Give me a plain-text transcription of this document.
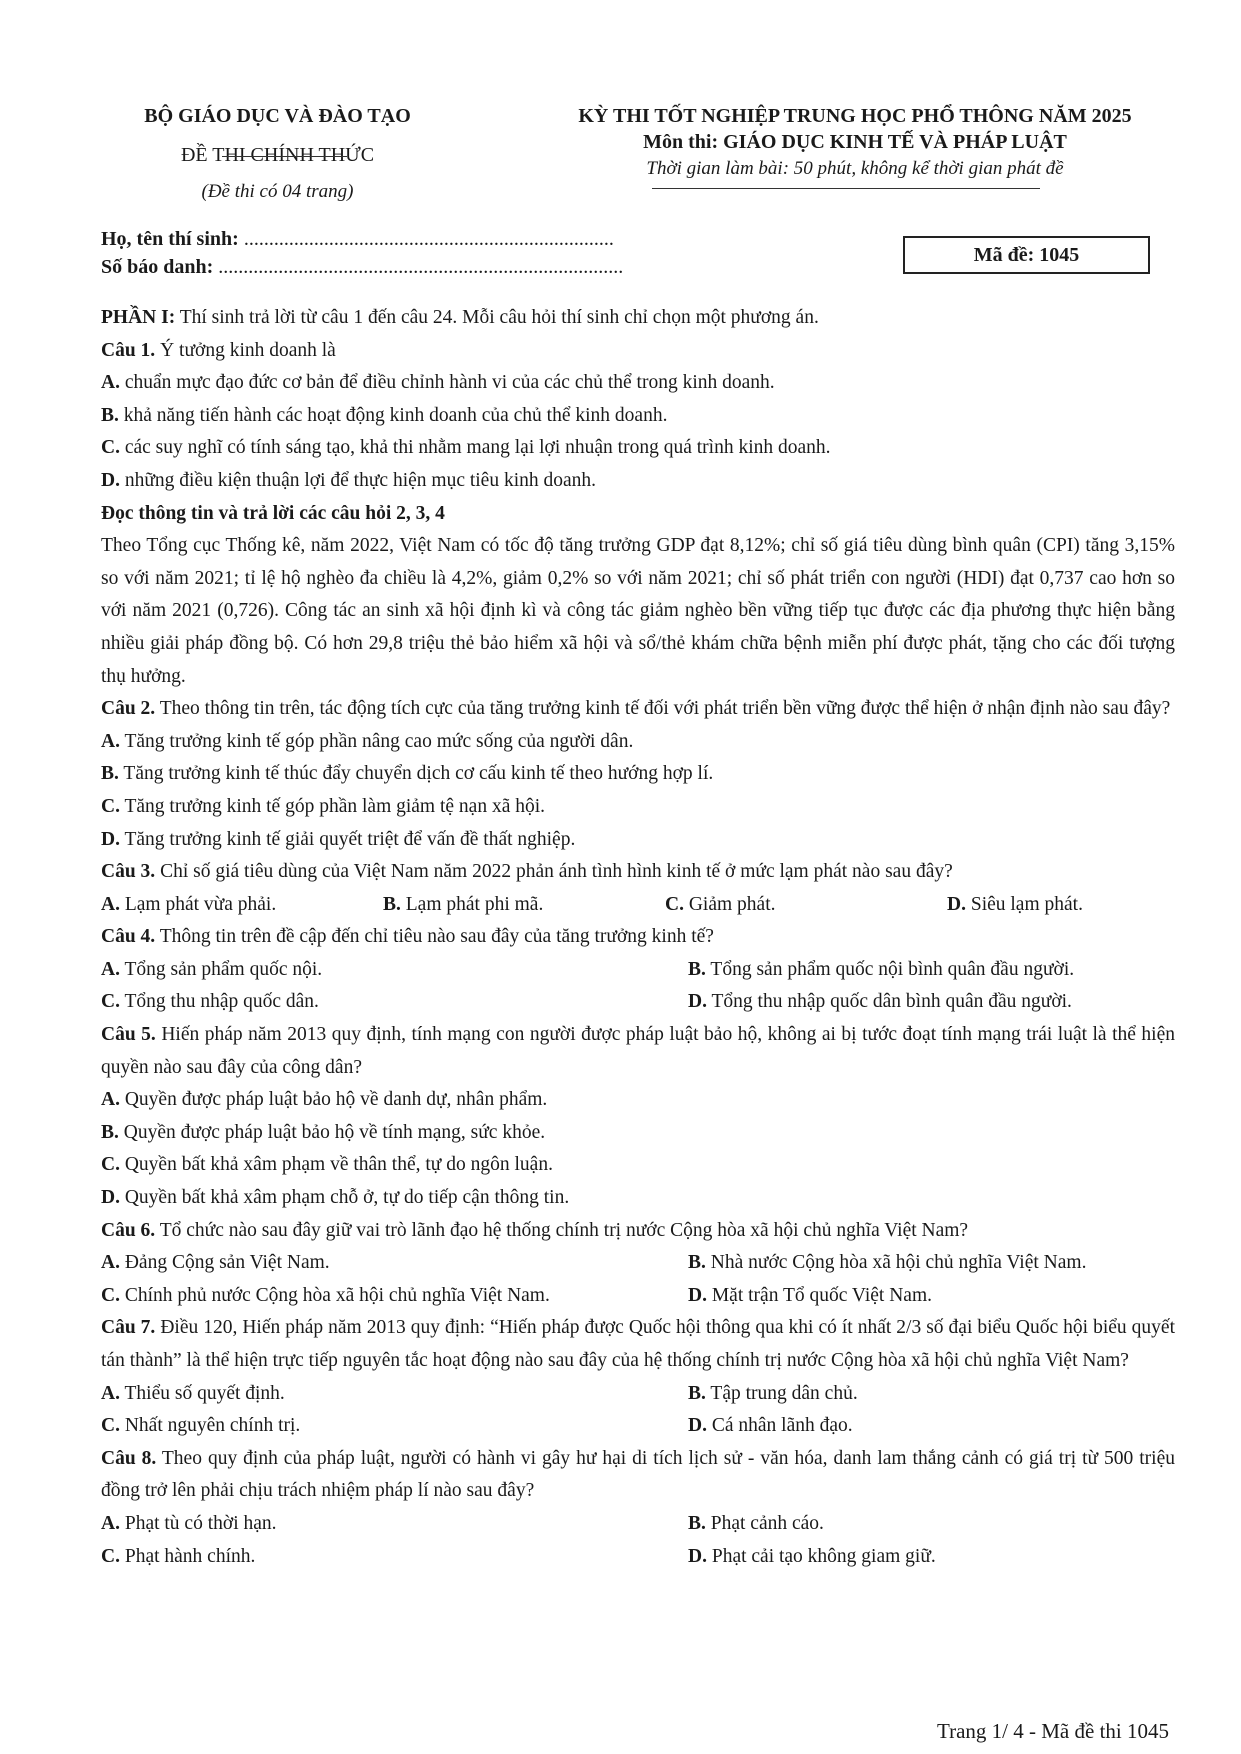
BỘ GIÁO DỤC VÀ ĐÀO TẠO
ĐỀ THI CHÍNH THỨC
(Đề thi có 04 trang)
KỲ THI TỐT NGHIỆP TRUNG HỌC PHỔ THÔNG NĂM 2025
Môn thi: GIÁO DỤC KINH TẾ VÀ PHÁP LUẬT
Thời gian làm bài: 50 phút, không kể thời gian phát đề
Họ, tên thí sinh: ..........................................................................
Số báo danh: .................................................................................
Mã đề: 1045

PHẦN I: Thí sinh trả lời từ câu 1 đến câu 24. Mỗi câu hỏi thí sinh chỉ chọn một phương án.

Câu 1. Ý tưởng kinh doanh là

A. chuẩn mực đạo đức cơ bản để điều chỉnh hành vi của các chủ thể trong kinh doanh.

B. khả năng tiến hành các hoạt động kinh doanh của chủ thể kinh doanh.

C. các suy nghĩ có tính sáng tạo, khả thi nhằm mang lại lợi nhuận trong quá trình kinh doanh.

D. những điều kiện thuận lợi để thực hiện mục tiêu kinh doanh.

Đọc thông tin và trả lời các câu hỏi 2, 3, 4

Theo Tổng cục Thống kê, năm 2022, Việt Nam có tốc độ tăng trưởng GDP đạt 8,12%; chỉ số giá tiêu dùng bình quân (CPI) tăng 3,15% so với năm 2021; tỉ lệ hộ nghèo đa chiều là 4,2%, giảm 0,2% so với năm 2021; chỉ số phát triển con người (HDI) đạt 0,737 cao hơn so với năm 2021 (0,726). Công tác an sinh xã hội định kì và công tác giảm nghèo bền vững tiếp tục được các địa phương thực hiện bằng nhiều giải pháp đồng bộ. Có hơn 29,8 triệu thẻ bảo hiểm xã hội và sổ/thẻ khám chữa bệnh miễn phí được phát, tặng cho các đối tượng thụ hưởng.

Câu 2. Theo thông tin trên, tác động tích cực của tăng trưởng kinh tế đối với phát triển bền vững được thể hiện ở nhận định nào sau đây?

A. Tăng trưởng kinh tế góp phần nâng cao mức sống của người dân.

B. Tăng trưởng kinh tế thúc đẩy chuyển dịch cơ cấu kinh tế theo hướng hợp lí.

C. Tăng trưởng kinh tế góp phần làm giảm tệ nạn xã hội.

D. Tăng trưởng kinh tế giải quyết triệt để vấn đề thất nghiệp.

Câu 3. Chỉ số giá tiêu dùng của Việt Nam năm 2022 phản ánh tình hình kinh tế ở mức lạm phát nào sau đây?

A. Lạm phát vừa phải.	B. Lạm phát phi mã.	C. Giảm phát.	D. Siêu lạm phát.

Câu 4. Thông tin trên đề cập đến chỉ tiêu nào sau đây của tăng trưởng kinh tế?

A. Tổng sản phẩm quốc nội.	B. Tổng sản phẩm quốc nội bình quân đầu người.
C. Tổng thu nhập quốc dân.	D. Tổng thu nhập quốc dân bình quân đầu người.

Câu 5. Hiến pháp năm 2013 quy định, tính mạng con người được pháp luật bảo hộ, không ai bị tước đoạt tính mạng trái luật là thể hiện quyền nào sau đây của công dân?

A. Quyền được pháp luật bảo hộ về danh dự, nhân phẩm.

B. Quyền được pháp luật bảo hộ về tính mạng, sức khỏe.

C. Quyền bất khả xâm phạm về thân thể, tự do ngôn luận.

D. Quyền bất khả xâm phạm chỗ ở, tự do tiếp cận thông tin.

Câu 6. Tổ chức nào sau đây giữ vai trò lãnh đạo hệ thống chính trị nước Cộng hòa xã hội chủ nghĩa Việt Nam?

A. Đảng Cộng sản Việt Nam.	B. Nhà nước Cộng hòa xã hội chủ nghĩa Việt Nam.
C. Chính phủ nước Cộng hòa xã hội chủ nghĩa Việt Nam.	D. Mặt trận Tổ quốc Việt Nam.

Câu 7. Điều 120, Hiến pháp năm 2013 quy định: “Hiến pháp được Quốc hội thông qua khi có ít nhất 2/3 số đại biểu Quốc hội biểu quyết tán thành” là thể hiện trực tiếp nguyên tắc hoạt động nào sau đây của hệ thống chính trị nước Cộng hòa xã hội chủ nghĩa Việt Nam?

A. Thiểu số quyết định.	B. Tập trung dân chủ.
C. Nhất nguyên chính trị.	D. Cá nhân lãnh đạo.

Câu 8. Theo quy định của pháp luật, người có hành vi gây hư hại di tích lịch sử - văn hóa, danh lam thắng cảnh có giá trị từ 500 triệu đồng trở lên phải chịu trách nhiệm pháp lí nào sau đây?

A. Phạt tù có thời hạn.	B. Phạt cảnh cáo.
C. Phạt hành chính.	D. Phạt cải tạo không giam giữ.
Trang 1/ 4 - Mã đề thi 1045
